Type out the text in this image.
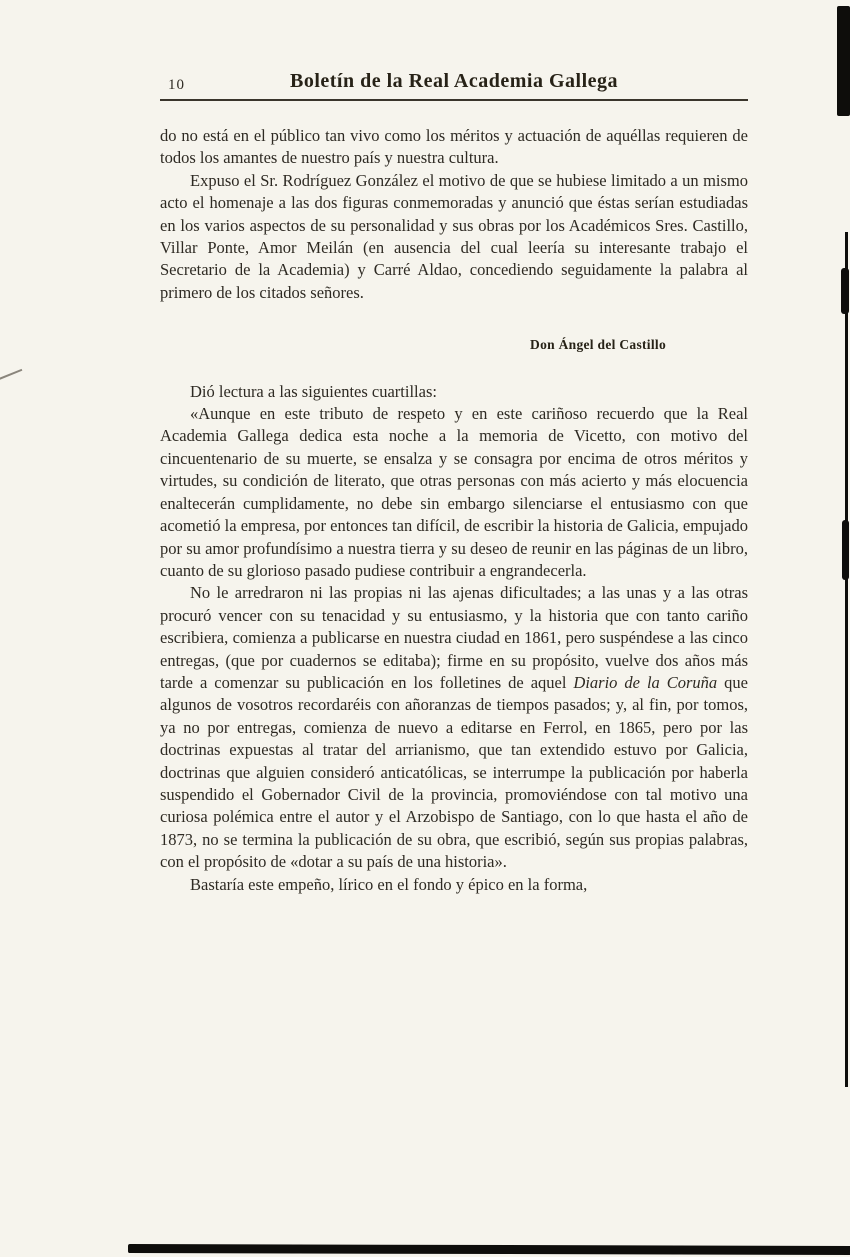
10	Boletín de la Real Academia Gallega

do no está en el público tan vivo como los méritos y actuación de aquéllas requieren de todos los amantes de nuestro país y nuestra cultura.

Expuso el Sr. Rodríguez González el motivo de que se hubiese limitado a un mismo acto el homenaje a las dos figuras conmemoradas y anunció que éstas serían estudiadas en los varios aspectos de su personalidad y sus obras por los Académicos Sres. Castillo, Villar Ponte, Amor Meilán (en ausencia del cual leería su interesante trabajo el Secretario de la Academia) y Carré Aldao, concediendo seguidamente la palabra al primero de los citados señores.

Don Ángel del Castillo

Dió lectura a las siguientes cuartillas:

«Aunque en este tributo de respeto y en este cariñoso recuerdo que la Real Academia Gallega dedica esta noche a la memoria de Vicetto, con motivo del cincuentenario de su muerte, se ensalza y se consagra por encima de otros méritos y virtudes, su condición de literato, que otras personas con más acierto y más elocuencia enaltecerán cumplidamente, no debe sin embargo silenciarse el entusiasmo con que acometió la empresa, por entonces tan difícil, de escribir la historia de Galicia, empujado por su amor profundísimo a nuestra tierra y su deseo de reunir en las páginas de un libro, cuanto de su glorioso pasado pudiese contribuir a engrandecerla.

No le arredraron ni las propias ni las ajenas dificultades; a las unas y a las otras procuró vencer con su tenacidad y su entusiasmo, y la historia que con tanto cariño escribiera, comienza a publicarse en nuestra ciudad en 1861, pero suspéndese a las cinco entregas, (que por cuadernos se editaba); firme en su propósito, vuelve dos años más tarde a comenzar su publicación en los folletines de aquel Diario de la Coruña que algunos de vosotros recordaréis con añoranzas de tiempos pasados; y, al fin, por tomos, ya no por entregas, comienza de nuevo a editarse en Ferrol, en 1865, pero por las doctrinas expuestas al tratar del arrianismo, que tan extendido estuvo por Galicia, doctrinas que alguien consideró anticatólicas, se interrumpe la publicación por haberla suspendido el Gobernador Civil de la provincia, promoviéndose con tal motivo una curiosa polémica entre el autor y el Arzobispo de Santiago, con lo que hasta el año de 1873, no se termina la publicación de su obra, que escribió, según sus propias palabras, con el propósito de «dotar a su país de una historia».

Bastaría este empeño, lírico en el fondo y épico en la forma,
